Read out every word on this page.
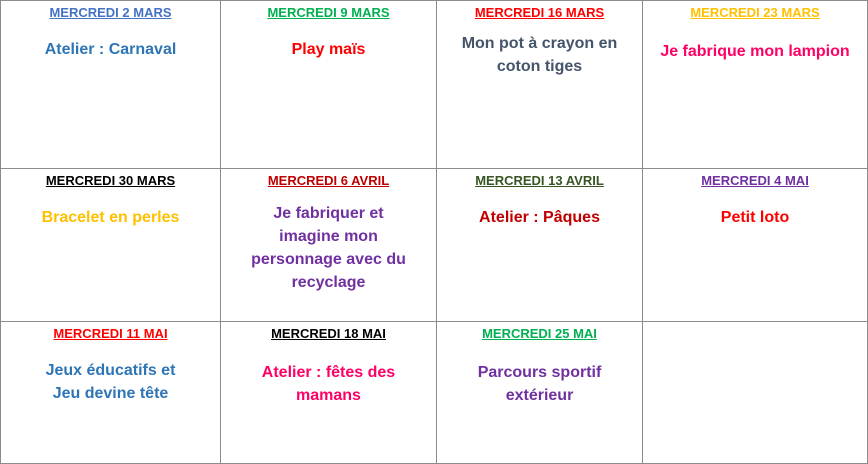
MERCREDI 2 MARS
Atelier : Carnaval
MERCREDI 9 MARS
Play maïs
MERCREDI 16 MARS
Mon pot à crayon en coton tiges
MERCREDI 23 MARS
Je fabrique mon lampion
MERCREDI 30 MARS
Bracelet en perles
MERCREDI 6 AVRIL
Je fabriquer et imagine mon personnage avec du recyclage
MERCREDI 13 AVRIL
Atelier : Pâques
MERCREDI 4 MAI
Petit loto
MERCREDI 11 MAI
Jeux éducatifs et Jeu devine tête
MERCREDI 18 MAI
Atelier : fêtes des mamans
MERCREDI 25 MAI
Parcours sportif extérieur
